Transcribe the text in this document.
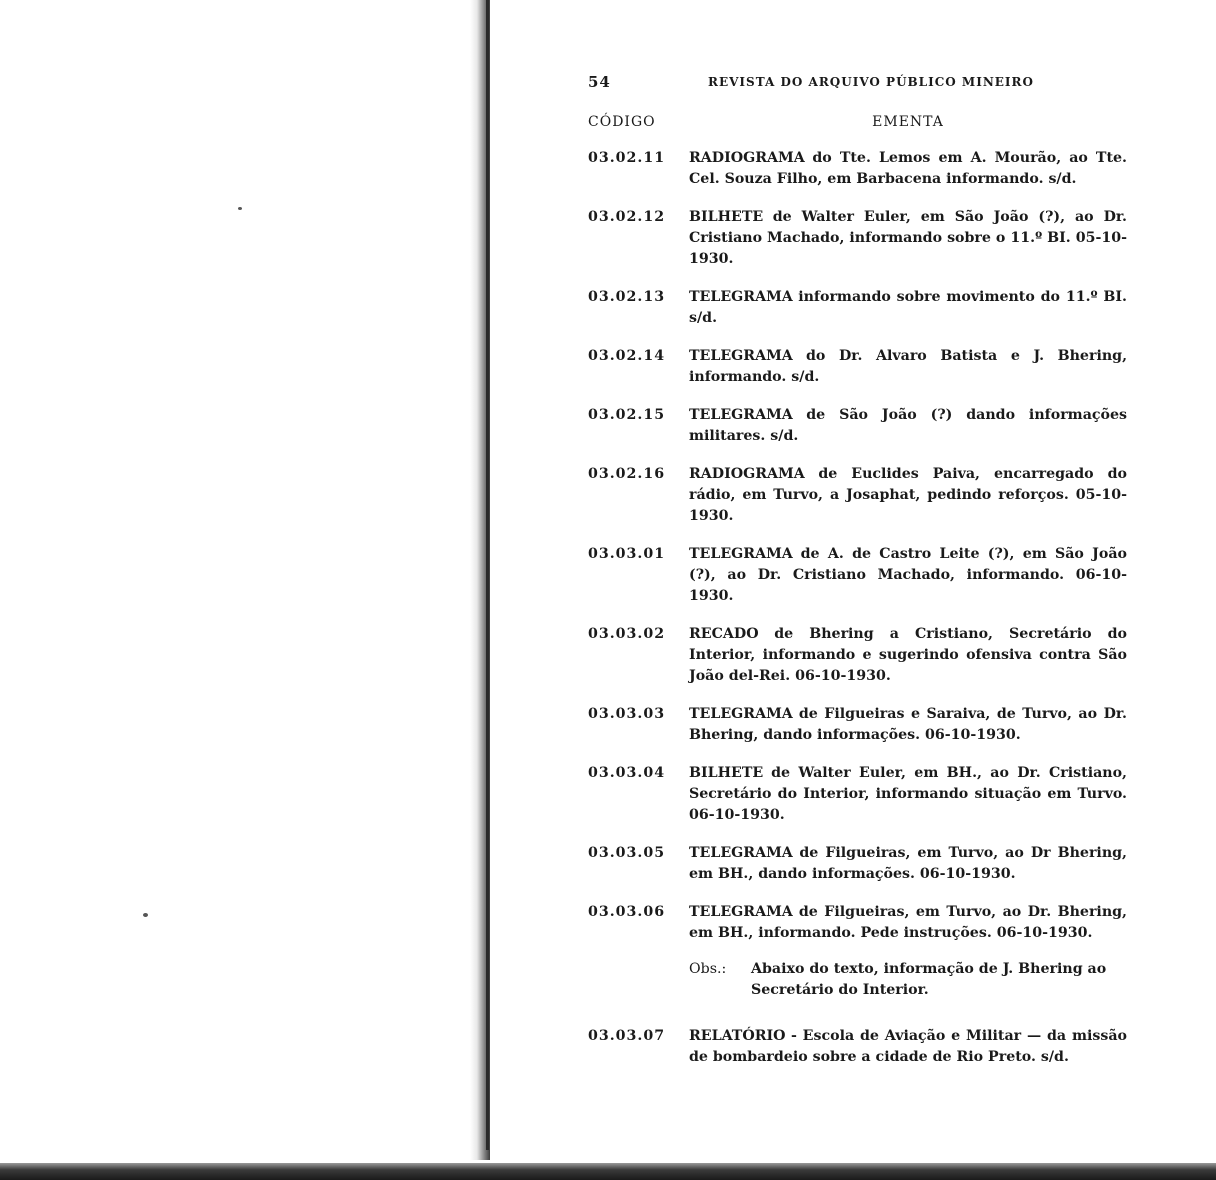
54	REVISTA DO ARQUIVO PÚBLICO MINEIRO
CÓDIGO	EMENTA
03.02.11	RADIOGRAMA do Tte. Lemos em A. Mourão, ao Tte. Cel. Souza Filho, em Barbacena informando. s/d.
03.02.12	BILHETE de Walter Euler, em São João (?), ao Dr. Cristiano Machado, informando sobre o 11.º BI. 05-10-1930.
03.02.13	TELEGRAMA informando sobre movimento do 11.º BI. s/d.
03.02.14	TELEGRAMA do Dr. Alvaro Batista e J. Bhering, informando. s/d.
03.02.15	TELEGRAMA de São João (?) dando informações militares. s/d.
03.02.16	RADIOGRAMA de Euclides Paiva, encarregado do rádio, em Turvo, a Josaphat, pedindo reforços. 05-10-1930.
03.03.01	TELEGRAMA de A. de Castro Leite (?), em São João (?), ao Dr. Cristiano Machado, informando. 06-10-1930.
03.03.02	RECADO de Bhering a Cristiano, Secretário do Interior, informando e sugerindo ofensiva contra São João del-Rei. 06-10-1930.
03.03.03	TELEGRAMA de Filgueiras e Saraiva, de Turvo, ao Dr. Bhering, dando informações. 06-10-1930.
03.03.04	BILHETE de Walter Euler, em BH., ao Dr. Cristiano, Secretário do Interior, informando situação em Turvo. 06-10-1930.
03.03.05	TELEGRAMA de Filgueiras, em Turvo, ao Dr Bhering, em BH., dando informações. 06-10-1930.
03.03.06	TELEGRAMA de Filgueiras, em Turvo, ao Dr. Bhering, em BH., informando. Pede instruções. 06-10-1930.
Obs.:	Abaixo do texto, informação de J. Bhering ao Secretário do Interior.
03.03.07	RELATÓRIO - Escola de Aviação e Militar — da missão de bombardeio sobre a cidade de Rio Preto. s/d.
